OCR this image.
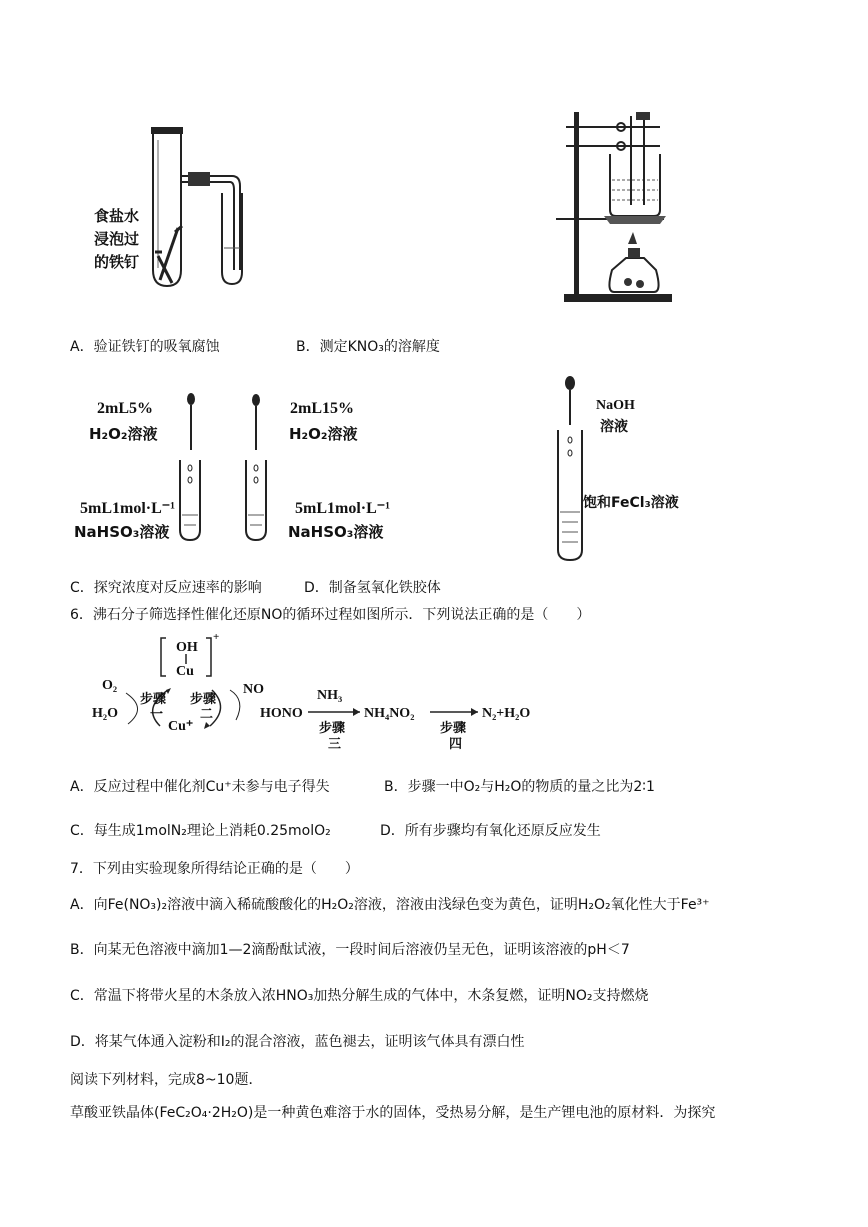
食盐水
浸泡过
的铁钉
A．验证铁钉的吸氧腐蚀	B．测定KNO₃的溶解度
2mL5%
H₂O₂溶液
5mL1mol·L⁻¹
NaHSO₃溶液
2mL15%
H₂O₂溶液
5mL1mol·L⁻¹
NaHSO₃溶液
NaOH
溶液
饱和FeCl₃溶液
C．探究浓度对反应速率的影响	D．制备氢氧化铁胶体
6．沸石分子筛选择性催化还原NO的循环过程如图所示．下列说法正确的是（　　）
OH
Cu
+
O₂
H₂O
步骤
一
步骤
二
NO
Cu⁺
HONO
NH₃
步骤
三
NH₄NO₂
步骤
四
N₂+H₂O
A．反应过程中催化剂Cu⁺未参与电子得失	B．步骤一中O₂与H₂O的物质的量之比为2∶1
C．每生成1molN₂理论上消耗0.25molO₂	D．所有步骤均有氧化还原反应发生
7．下列由实验现象所得结论正确的是（　　）
A．向Fe(NO₃)₂溶液中滴入稀硫酸酸化的H₂O₂溶液，溶液由浅绿色变为黄色，证明H₂O₂氧化性大于Fe³⁺
B．向某无色溶液中滴加1—2滴酚酞试液，一段时间后溶液仍呈无色，证明该溶液的pH＜7
C．常温下将带火星的木条放入浓HNO₃加热分解生成的气体中，木条复燃，证明NO₂支持燃烧
D．将某气体通入淀粉和I₂的混合溶液，蓝色褪去，证明该气体具有漂白性
阅读下列材料，完成8~10题．
草酸亚铁晶体(FeC₂O₄·2H₂O)是一种黄色难溶于水的固体，受热易分解，是生产锂电池的原材料．为探究
